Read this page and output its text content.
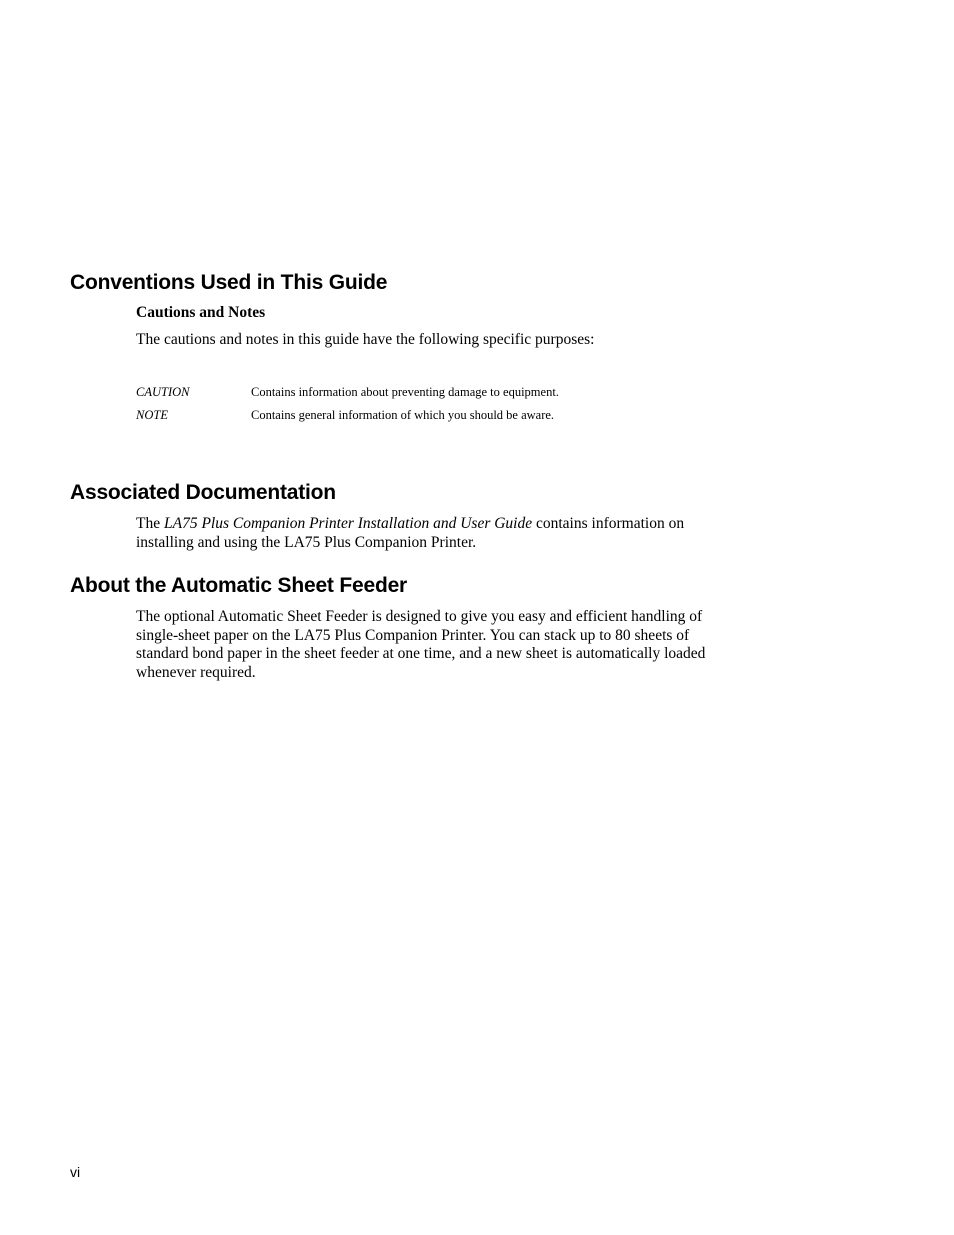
Conventions Used in This Guide
Cautions and Notes

The cautions and notes in this guide have the following specific purposes:

CAUTION	Contains information about preventing damage to equipment.
NOTE	Contains general information of which you should be aware.
Associated Documentation

The LA75 Plus Companion Printer Installation and User Guide contains information on installing and using the LA75 Plus Companion Printer.

About the Automatic Sheet Feeder

The optional Automatic Sheet Feeder is designed to give you easy and efficient handling of single-sheet paper on the LA75 Plus Companion Printer. You can stack up to 80 sheets of standard bond paper in the sheet feeder at one time, and a new sheet is automatically loaded whenever required.

vi
